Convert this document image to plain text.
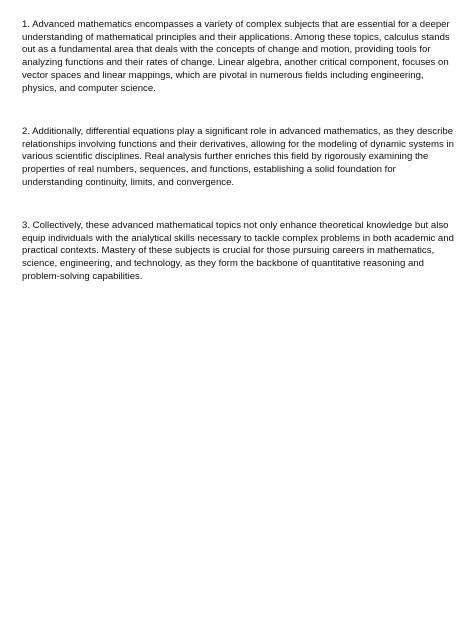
1. Advanced mathematics encompasses a variety of complex subjects that are essential for a deeper understanding of mathematical principles and their applications. Among these topics, calculus stands out as a fundamental area that deals with the concepts of change and motion, providing tools for analyzing functions and their rates of change. Linear algebra, another critical component, focuses on vector spaces and linear mappings, which are pivotal in numerous fields including engineering, physics, and computer science.

2. Additionally, differential equations play a significant role in advanced mathematics, as they describe relationships involving functions and their derivatives, allowing for the modeling of dynamic systems in various scientific disciplines. Real analysis further enriches this field by rigorously examining the properties of real numbers, sequences, and functions, establishing a solid foundation for understanding continuity, limits, and convergence.

3. Collectively, these advanced mathematical topics not only enhance theoretical knowledge but also equip individuals with the analytical skills necessary to tackle complex problems in both academic and practical contexts. Mastery of these subjects is crucial for those pursuing careers in mathematics, science, engineering, and technology, as they form the backbone of quantitative reasoning and problem-solving capabilities.
